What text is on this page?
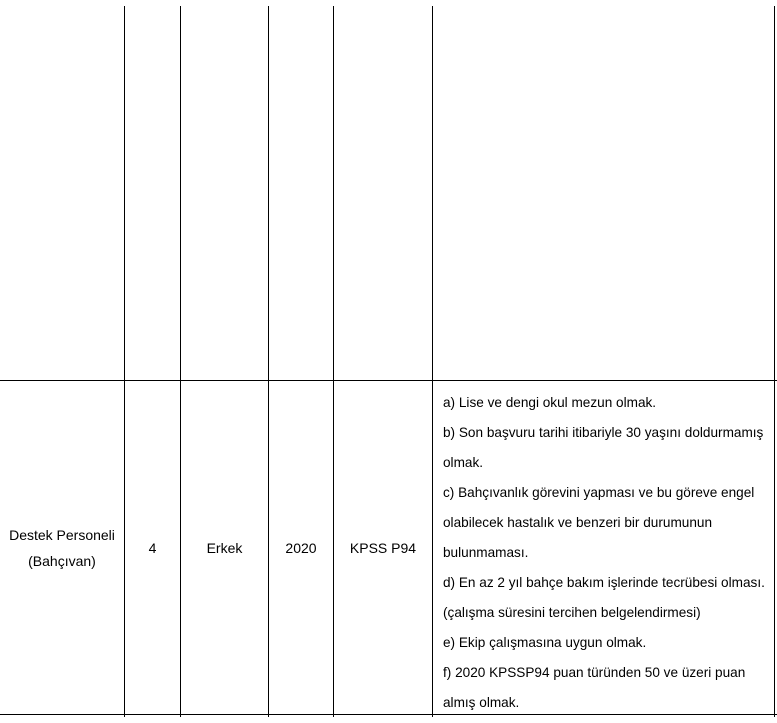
Destek Personeli (Bahçıvan)
4	Erkek	2020 KPSS P94
a) Lise ve dengi okul mezun olmak.
b) Son başvuru tarihi itibariyle 30 yaşını doldurmamış olmak.
c) Bahçıvanlık görevini yapması ve bu göreve engel olabilecek hastalık ve benzeri bir durumunun bulunmaması.
d) En az 2 yıl bahçe bakım işlerinde tecrübesi olması.(çalışma süresini tercihen belgelendirmesi)
e) Ekip çalışmasına uygun olmak.
f) 2020 KPSSP94 puan türünden 50 ve üzeri puan almış olmak.
